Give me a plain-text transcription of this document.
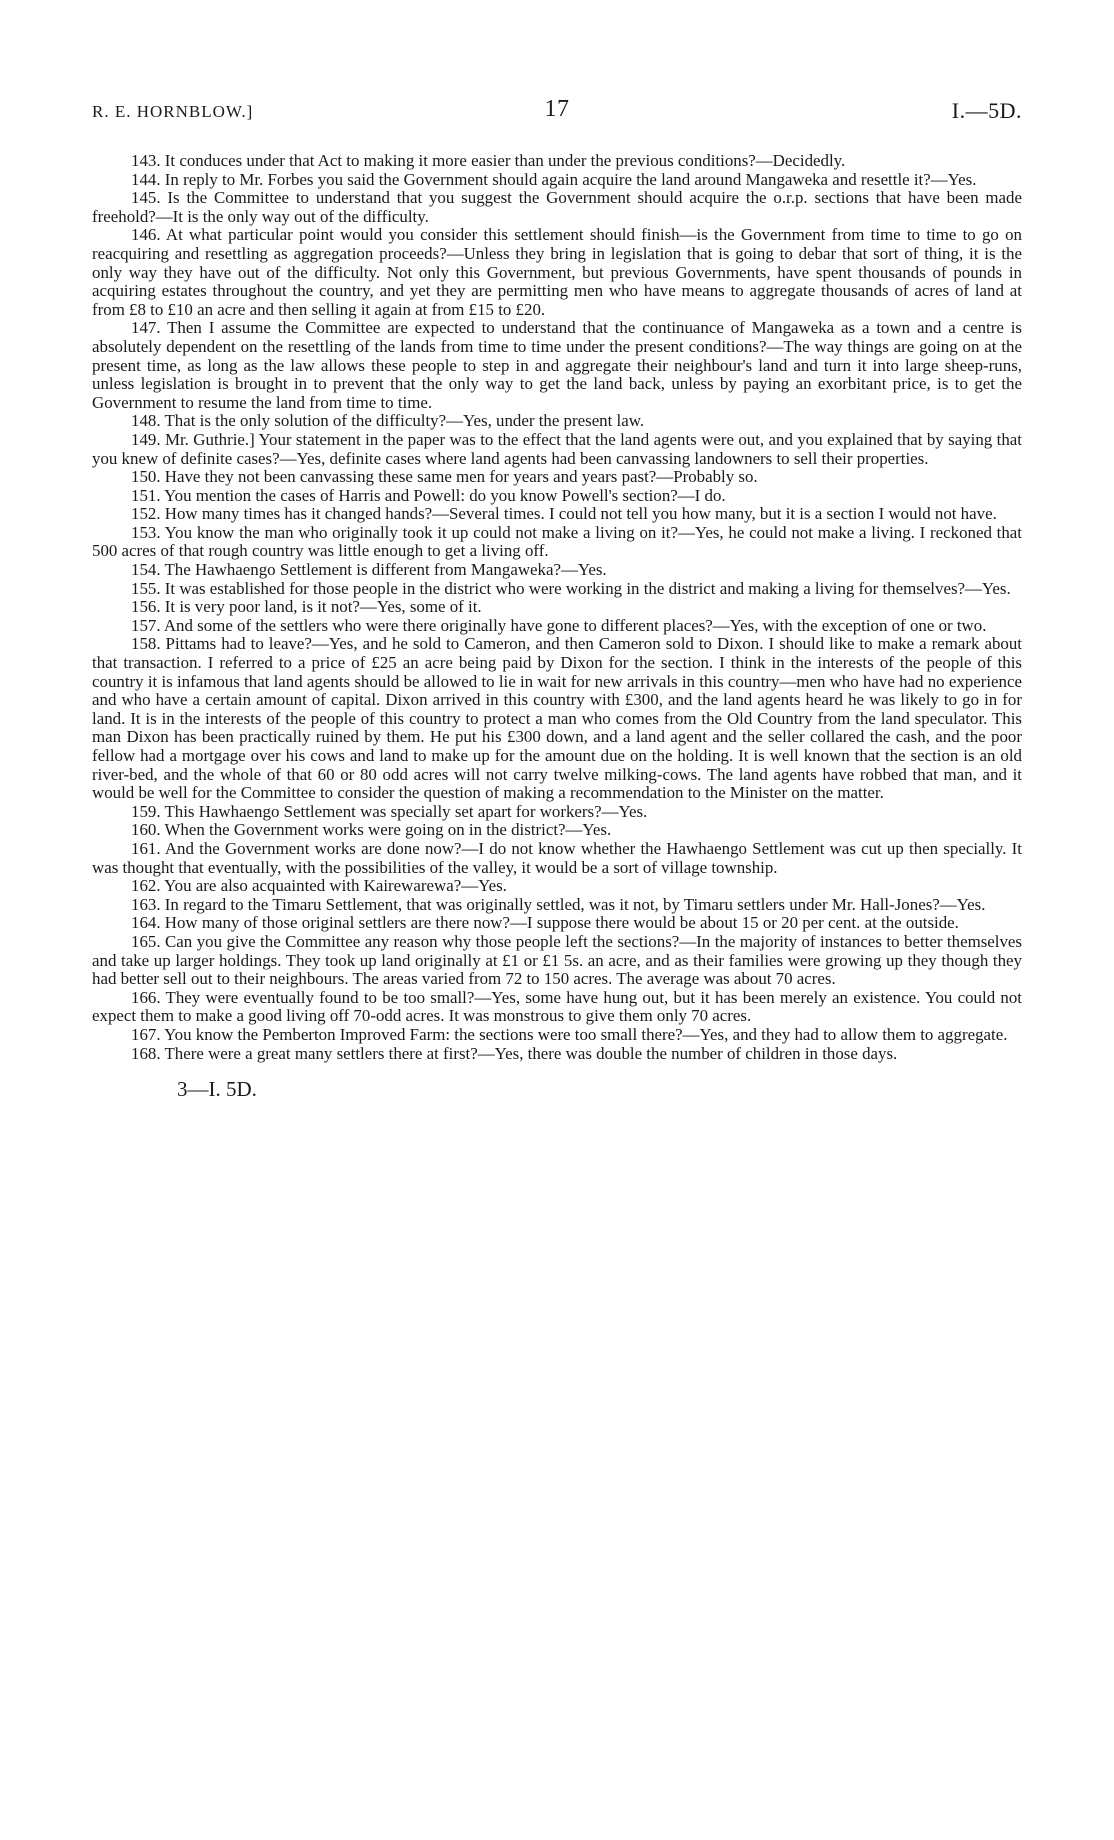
R. E. HORNBLOW.]	17	I.—5D.

143. It conduces under that Act to making it more easier than under the previous conditions?—Decidedly.

144. In reply to Mr. Forbes you said the Government should again acquire the land around Mangaweka and resettle it?—Yes.

145. Is the Committee to understand that you suggest the Government should acquire the o.r.p. sections that have been made freehold?—It is the only way out of the difficulty.

146. At what particular point would you consider this settlement should finish—is the Government from time to time to go on reacquiring and resettling as aggregation proceeds?—Unless they bring in legislation that is going to debar that sort of thing, it is the only way they have out of the difficulty. Not only this Government, but previous Governments, have spent thousands of pounds in acquiring estates throughout the country, and yet they are permitting men who have means to aggregate thousands of acres of land at from £8 to £10 an acre and then selling it again at from £15 to £20.

147. Then I assume the Committee are expected to understand that the continuance of Mangaweka as a town and a centre is absolutely dependent on the resettling of the lands from time to time under the present conditions?—The way things are going on at the present time, as long as the law allows these people to step in and aggregate their neighbour's land and turn it into large sheep-runs, unless legislation is brought in to prevent that the only way to get the land back, unless by paying an exorbitant price, is to get the Government to resume the land from time to time.

148. That is the only solution of the difficulty?—Yes, under the present law.

149. Mr. Guthrie.] Your statement in the paper was to the effect that the land agents were out, and you explained that by saying that you knew of definite cases?—Yes, definite cases where land agents had been canvassing landowners to sell their properties.

150. Have they not been canvassing these same men for years and years past?—Probably so.

151. You mention the cases of Harris and Powell: do you know Powell's section?—I do.

152. How many times has it changed hands?—Several times. I could not tell you how many, but it is a section I would not have.

153. You know the man who originally took it up could not make a living on it?—Yes, he could not make a living. I reckoned that 500 acres of that rough country was little enough to get a living off.

154. The Hawhaengo Settlement is different from Mangaweka?—Yes.

155. It was established for those people in the district who were working in the district and making a living for themselves?—Yes.

156. It is very poor land, is it not?—Yes, some of it.

157. And some of the settlers who were there originally have gone to different places?—Yes, with the exception of one or two.

158. Pittams had to leave?—Yes, and he sold to Cameron, and then Cameron sold to Dixon. I should like to make a remark about that transaction. I referred to a price of £25 an acre being paid by Dixon for the section. I think in the interests of the people of this country it is infamous that land agents should be allowed to lie in wait for new arrivals in this country—men who have had no experience and who have a certain amount of capital. Dixon arrived in this country with £300, and the land agents heard he was likely to go in for land. It is in the interests of the people of this country to protect a man who comes from the Old Country from the land speculator. This man Dixon has been practically ruined by them. He put his £300 down, and a land agent and the seller collared the cash, and the poor fellow had a mortgage over his cows and land to make up for the amount due on the holding. It is well known that the section is an old river-bed, and the whole of that 60 or 80 odd acres will not carry twelve milking-cows. The land agents have robbed that man, and it would be well for the Committee to consider the question of making a recommendation to the Minister on the matter.

159. This Hawhaengo Settlement was specially set apart for workers?—Yes.

160. When the Government works were going on in the district?—Yes.

161. And the Government works are done now?—I do not know whether the Hawhaengo Settlement was cut up then specially. It was thought that eventually, with the possibilities of the valley, it would be a sort of village township.

162. You are also acquainted with Kairewarewa?—Yes.

163. In regard to the Timaru Settlement, that was originally settled, was it not, by Timaru settlers under Mr. Hall-Jones?—Yes.

164. How many of those original settlers are there now?—I suppose there would be about 15 or 20 per cent. at the outside.

165. Can you give the Committee any reason why those people left the sections?—In the majority of instances to better themselves and take up larger holdings. They took up land originally at £1 or £1 5s. an acre, and as their families were growing up they though they had better sell out to their neighbours. The areas varied from 72 to 150 acres. The average was about 70 acres.

166. They were eventually found to be too small?—Yes, some have hung out, but it has been merely an existence. You could not expect them to make a good living off 70-odd acres. It was monstrous to give them only 70 acres.

167. You know the Pemberton Improved Farm: the sections were too small there?—Yes, and they had to allow them to aggregate.

168. There were a great many settlers there at first?—Yes, there was double the number of children in those days.

3—I. 5D.
